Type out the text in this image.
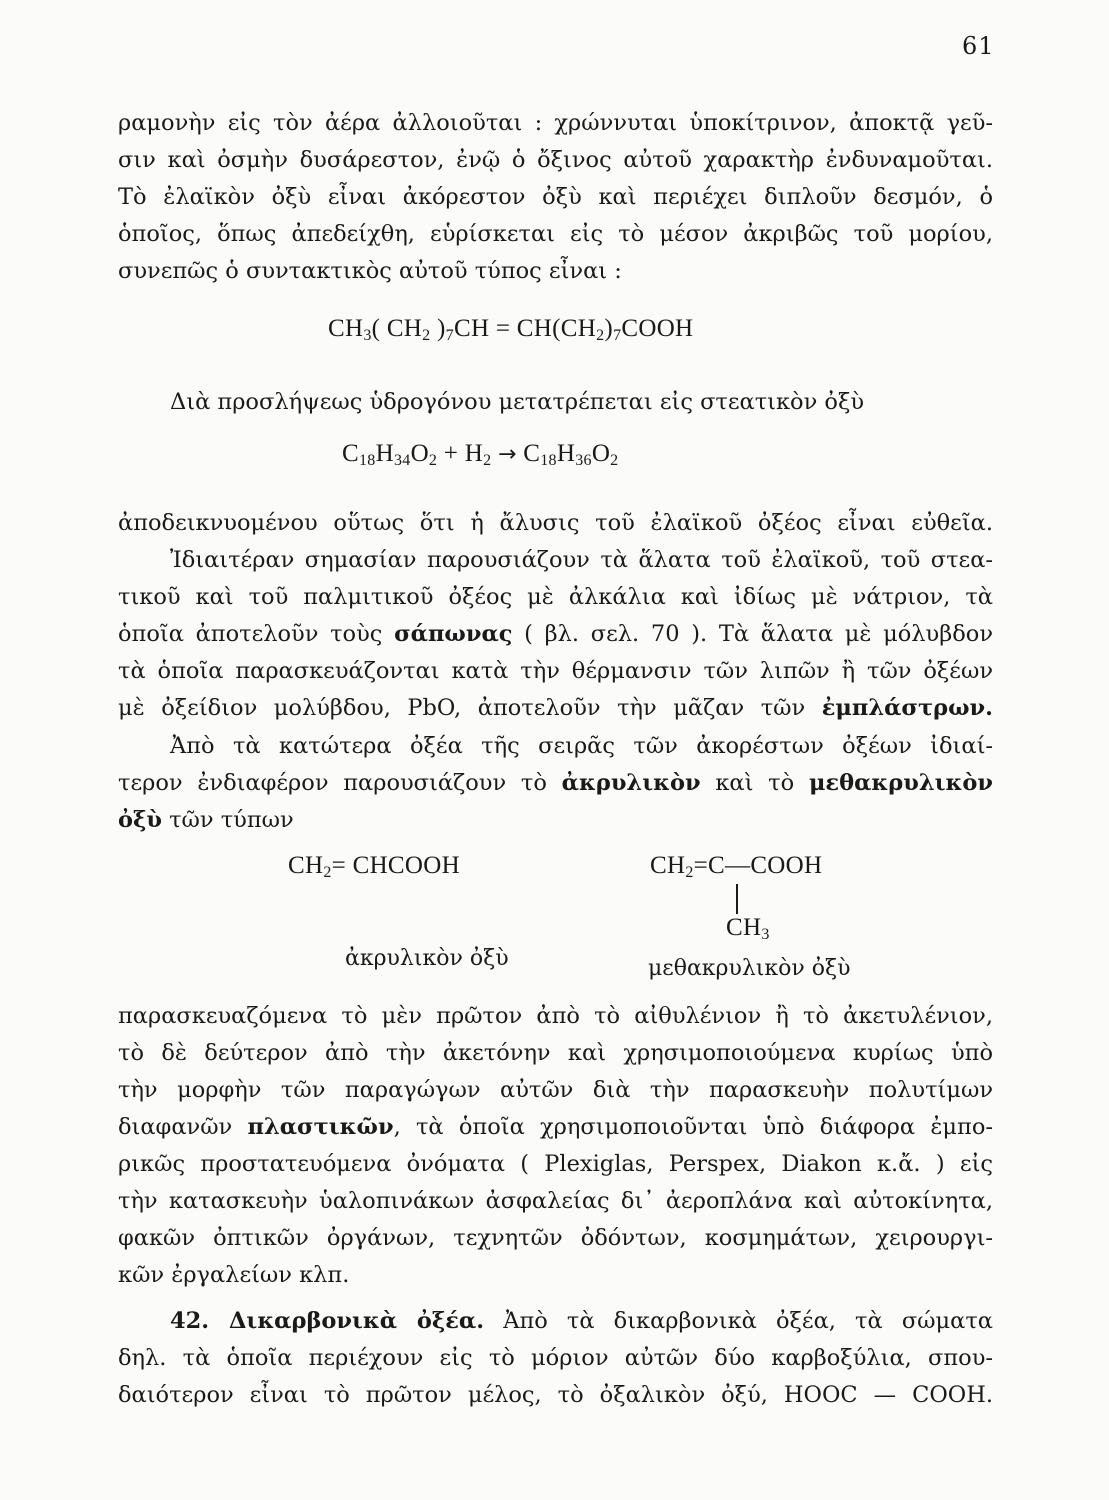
61
ραμονὴν εἰς τὸν ἀέρα ἀλλοιοῦται : χρώννυται ὑποκίτρινον, ἀποκτᾷ γεῦ-
σιν καὶ ὀσμὴν δυσάρεστον, ἐνῷ ὁ ὄξινος αὐτοῦ χαρακτὴρ ἐνδυναμοῦται.
Τὸ ἐλαϊκὸν ὀξὺ εἶναι ἀκόρεστον ὀξὺ καὶ περιέχει διπλοῦν δεσμόν, ὁ
ὁποῖος, ὅπως ἀπεδείχθη, εὑρίσκεται εἰς τὸ μέσον ἀκριβῶς τοῦ μορίου,
συνεπῶς ὁ συντακτικὸς αὐτοῦ τύπος εἶναι :
$CH_3$( $CH_2$ )$_7CH$ = $CH(CH_2)_7COOH$
Διὰ προσλήψεως ὑδρογόνου μετατρέπεται εἰς στεατικὸν ὀξὺ
$C_{18}H_{34}O_2 + H_2 \to C_{18}H_{36}O_2$
ἀποδεικνυομένου οὕτως ὅτι ἡ ἄλυσις τοῦ ἐλαϊκοῦ ὀξέος εἶναι εὐθεῖα.
Ἰδιαιτέραν σημασίαν παρουσιάζουν τὰ ἅλατα τοῦ ἐλαϊκοῦ, τοῦ στεα-
τικοῦ καὶ τοῦ παλμιτικοῦ ὀξέος μὲ ἀλκάλια καὶ ἰδίως μὲ νάτριον, τὰ
ὁποῖα ἀποτελοῦν τοὺς σάπωνας ( βλ. σελ. 70 ). Τὰ ἅλατα μὲ μόλυβδον
τὰ ὁποῖα παρασκευάζονται κατὰ τὴν θέρμανσιν τῶν λιπῶν ἢ τῶν ὀξέων
μὲ ὀξείδιον μολύβδου, PbO, ἀποτελοῦν τὴν μᾶζαν τῶν ἐμπλάστρων.
Ἀπὸ τὰ κατώτερα ὀξέα τῆς σειρᾶς τῶν ἀκορέστων ὀξέων ἰδιαί-
τερον ἐνδιαφέρον παρουσιάζουν τὸ ἀκρυλικὸν καὶ τὸ μεθακρυλικὸν
ὀξὺ τῶν τύπων
$CH_2=$ CHCOOH
ἀκρυλικὸν ὀξὺ
$CH_2=C—COOH$
$CH_3$
μεθακρυλικὸν ὀξὺ
παρασκευαζόμενα τὸ μὲν πρῶτον ἀπὸ τὸ αἰθυλένιον ἢ τὸ ἀκετυλένιον,
τὸ δὲ δεύτερον ἀπὸ τὴν ἀκετόνην καὶ χρησιμοποιούμενα κυρίως ὑπὸ
τὴν μορφὴν τῶν παραγώγων αὐτῶν διὰ τὴν παρασκευὴν πολυτίμων
διαφανῶν πλαστικῶν, τὰ ὁποῖα χρησιμοποιοῦνται ὑπὸ διάφορα ἐμπο-
ρικῶς προστατευόμενα ὀνόματα ( Plexiglas, Perspex, Diakon κ.ἄ. ) εἰς
τὴν κατασκευὴν ὑαλοπινάκων ἀσφαλείας δι᾽ ἀεροπλάνα καὶ αὐτοκίνητα,
φακῶν ὀπτικῶν ὀργάνων, τεχνητῶν ὀδόντων, κοσμημάτων, χειρουργι-
κῶν ἐργαλείων κλπ.
42. Δικαρβονικὰ ὀξέα. Ἀπὸ τὰ δικαρβονικὰ ὀξέα, τὰ σώματα
δηλ. τὰ ὁποῖα περιέχουν εἰς τὸ μόριον αὐτῶν δύο καρβοξύλια, σπου-
δαιότερον εἶναι τὸ πρῶτον μέλος, τὸ ὀξαλικὸν ὀξύ, HOOC — COOH.
